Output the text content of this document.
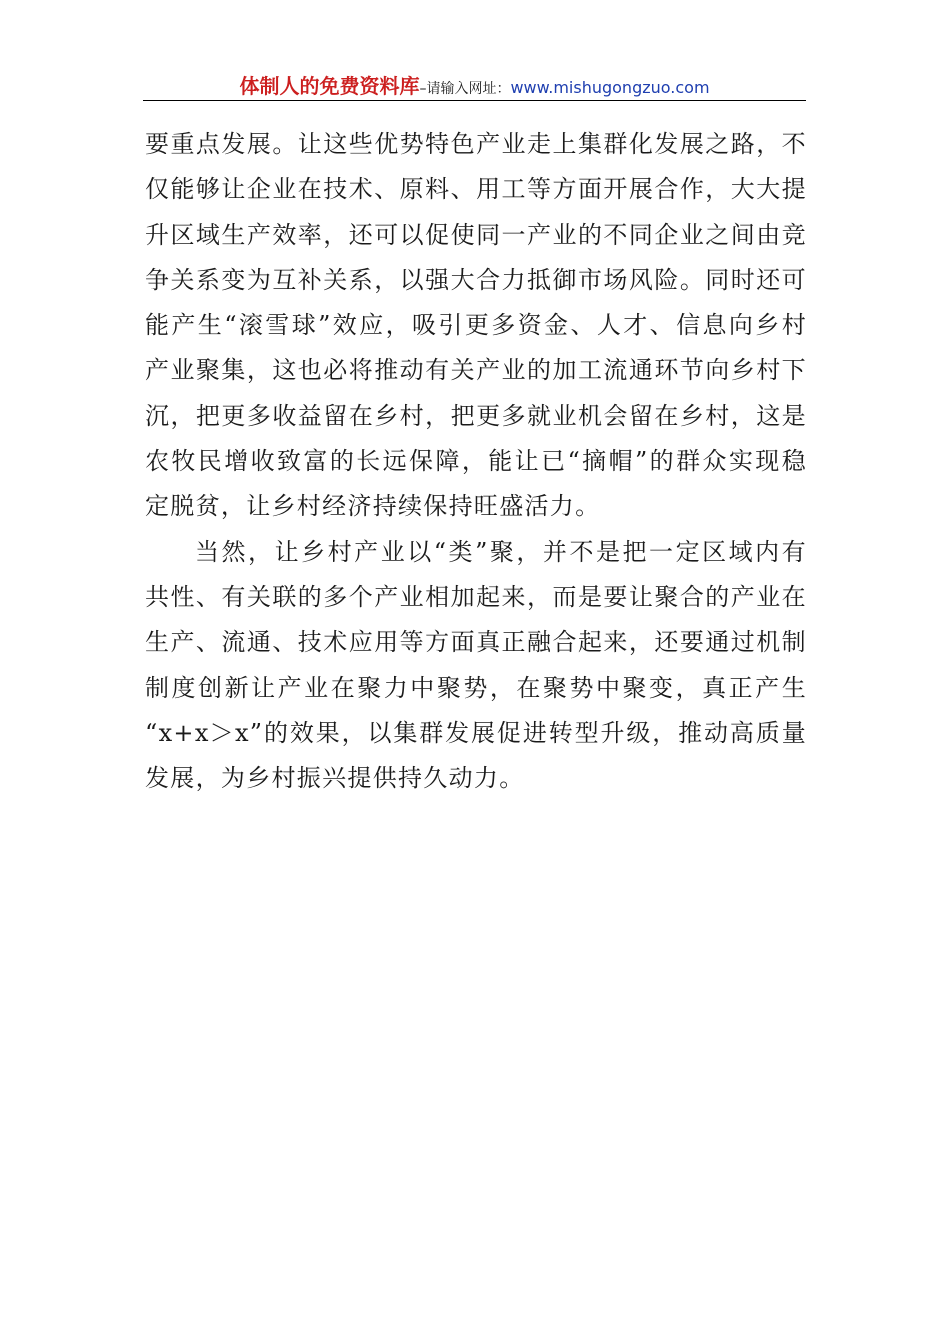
体制人的免费资料库–请输入网址：www.mishugongzuo.com
要重点发展。让这些优势特色产业走上集群化发展之路，不
仅能够让企业在技术、原料、用工等方面开展合作，大大提
升区域生产效率，还可以促使同一产业的不同企业之间由竞
争关系变为互补关系，以强大合力抵御市场风险。同时还可
能产生“滚雪球”效应，吸引更多资金、人才、信息向乡村
产业聚集，这也必将推动有关产业的加工流通环节向乡村下
沉，把更多收益留在乡村，把更多就业机会留在乡村，这是
农牧民增收致富的长远保障，能让已“摘帽”的群众实现稳
定脱贫，让乡村经济持续保持旺盛活力。
当然，让乡村产业以“类”聚，并不是把一定区域内有
共性、有关联的多个产业相加起来，而是要让聚合的产业在
生产、流通、技术应用等方面真正融合起来，还要通过机制
制度创新让产业在聚力中聚势，在聚势中聚变，真正产生
“x+x＞x”的效果，以集群发展促进转型升级，推动高质量
发展，为乡村振兴提供持久动力。
